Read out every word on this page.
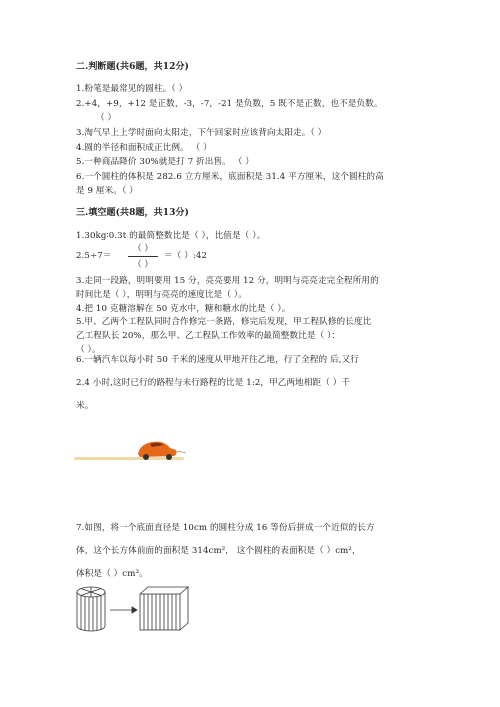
二.判断题(共6题，共12分)
1.粉笔是最常见的圆柱。（ ）
2.+4，+9，+12 是正数，-3，-7，-21 是负数，5 既不是正数，也不是负数。
（ ）
3.淘气早上上学时面向太阳走，下午回家时应该背向太阳走。（ ）
4.圆的半径和面积成正比例。 （ ）
5.一种商品降价 30%就是打 7 折出售。 （ ）
6.一个圆柱的体积是 282.6 立方厘米，底面积是 31.4 平方厘米，这个圆柱的高
是 9 厘米。（ ）
三.填空题(共8题，共13分)
1.30kg∶0.3t 的最简整数比是（ ），比值是（ ）。
2.5÷7＝
（ ）
（ ）
＝（ ）:42
3.走同一段路，明明要用 15 分，亮亮要用 12 分，明明与亮亮走完全程所用的
时间比是（ ），明明与亮亮的速度比是（ ）。
4.把 10 克糖溶解在 50 克水中，糖和糖水的比是（ ）。
5.甲、乙两个工程队同时合作修完一条路，修完后发现，甲工程队修的长度比
乙工程队长 20%，那么甲、乙工程队工作效率的最简整数比是（ ）：
（ ）。
6.一辆汽车以每小时 50 千米的速度从甲地开往乙地，行了全程的 后,又行
2.4 小时,这时已行的路程与未行路程的比是 1:2，甲乙两地相距（ ）千
米。
7.如图，将一个底面直径是 10cm 的圆柱分成 16 等份后拼成一个近似的长方
体，这个长方体前面的面积是 314cm²， 这个圆柱的表面积是（ ）cm²，
体积是（ ）cm³。
